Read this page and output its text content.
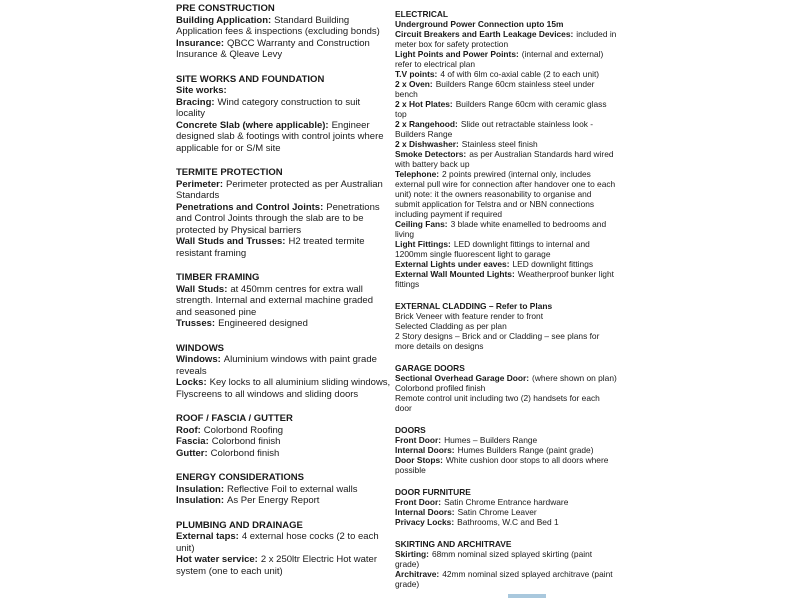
PRE CONSTRUCTION
Building Application: Standard Building Application fees & inspections (excluding bonds)
Insurance: QBCC Warranty and Construction Insurance & Qleave Levy
SITE WORKS AND FOUNDATION
Site works:
Bracing: Wind category construction to suit locality
Concrete Slab (where applicable): Engineer designed slab & footings with control joints where applicable for or S/M site
TERMITE PROTECTION
Perimeter: Perimeter protected as per Australian Standards
Penetrations and Control Joints: Penetrations and Control Joints through the slab are to be protected by Physical barriers
Wall Studs and Trusses: H2 treated termite resistant framing
TIMBER FRAMING
Wall Studs: at 450mm centres for extra wall strength. Internal and external machine graded and seasoned pine
Trusses: Engineered designed
WINDOWS
Windows: Aluminium windows with paint grade reveals
Locks: Key locks to all aluminium sliding windows, Flyscreens to all windows and sliding doors
ROOF / FASCIA / GUTTER
Roof: Colorbond Roofing
Fascia: Colorbond finish
Gutter: Colorbond finish
ENERGY CONSIDERATIONS
Insulation: Reflective Foil to external walls
Insulation: As Per Energy Report
PLUMBING AND DRAINAGE
External taps: 4 external hose cocks (2 to each unit)
Hot water service: 2 x 250ltr Electric Hot water system (one to each unit)
ELECTRICAL
Underground Power Connection upto 15m
Circuit Breakers and Earth Leakage Devices: included in meter box for safety protection
Light Points and Power Points: (internal and external) refer to electrical plan
T.V points: 4 of with 6lm co-axial cable (2 to each unit)
2 x Oven: Builders Range 60cm stainless steel under bench
2 x Hot Plates: Builders Range 60cm with ceramic glass top
2 x Rangehood: Slide out retractable stainless look - Builders Range
2 x Dishwasher: Stainless steel finish
Smoke Detectors: as per Australian Standards hard wired with battery back up
Telephone: 2 points prewired (internal only, includes external pull wire for connection after handover one to each unit) note: it the owners reasonability to organise and submit application for Telstra and or NBN connections including payment if required
Ceiling Fans: 3 blade white enamelled to bedrooms and living
Light Fittings: LED downlight fittings to internal and 1200mm single fluorescent light to garage
External Lights under eaves: LED downlight fittings
External Wall Mounted Lights: Weatherproof bunker light fittings
EXTERNAL CLADDING – Refer to Plans
Brick Veneer with feature render to front
Selected Cladding as per plan
2 Story designs – Brick and or Cladding – see plans for more details on designs
GARAGE DOORS
Sectional Overhead Garage Door: (where shown on plan) Colorbond profiled finish
Remote control unit including two (2) handsets for each door
DOORS
Front Door: Humes – Builders Range
Internal Doors: Humes Builders Range (paint grade)
Door Stops: White cushion door stops to all doors where possible
DOOR FURNITURE
Front Door: Satin Chrome Entrance hardware
Internal Doors: Satin Chrome Leaver
Privacy Locks: Bathrooms, W.C and Bed 1
SKIRTING AND ARCHITRAVE
Skirting: 68mm nominal sized splayed skirting (paint grade)
Architrave: 42mm nominal sized splayed architrave (paint grade)
